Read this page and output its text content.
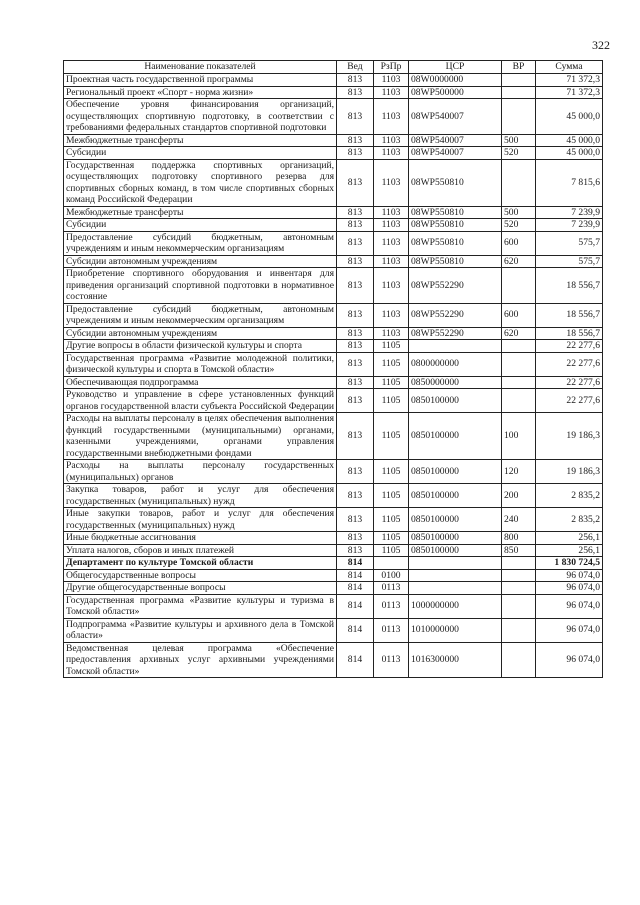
322
Наименование показателей	Вед	РзПр	ЦСР	ВР	Сумма
Проектная часть государственной программы	813	1103	08W0000000		71 372,3
Региональный проект «Спорт - норма жизни»	813	1103	08WP500000		71 372,3
Обеспечение уровня финансирования организаций, осуществляющих спортивную подготовку, в соответствии с требованиями федеральных стандартов спортивной подготовки	813	1103	08WP540007		45 000,0
Межбюджетные трансферты	813	1103	08WP540007	500	45 000,0
Субсидии	813	1103	08WP540007	520	45 000,0
Государственная поддержка спортивных организаций, осуществляющих подготовку спортивного резерва для спортивных сборных команд, в том числе спортивных сборных команд Российской Федерации	813	1103	08WP550810		7 815,6
Межбюджетные трансферты	813	1103	08WP550810	500	7 239,9
Субсидии	813	1103	08WP550810	520	7 239,9
Предоставление субсидий бюджетным, автономным учреждениям и иным некоммерческим организациям	813	1103	08WP550810	600	575,7
Субсидии автономным учреждениям	813	1103	08WP550810	620	575,7
Приобретение спортивного оборудования и инвентаря для приведения организаций спортивной подготовки в нормативное состояние	813	1103	08WP552290		18 556,7
Предоставление субсидий бюджетным, автономным учреждениям и иным некоммерческим организациям	813	1103	08WP552290	600	18 556,7
Субсидии автономным учреждениям	813	1103	08WP552290	620	18 556,7
Другие вопросы в области физической культуры и спорта	813	1105			22 277,6
Государственная программа «Развитие молодежной политики, физической культуры и спорта в Томской области»	813	1105	0800000000		22 277,6
Обеспечивающая подпрограмма	813	1105	0850000000		22 277,6
Руководство и управление в сфере установленных функций органов государственной власти субъекта Российской Федерации	813	1105	0850100000		22 277,6
Расходы на выплаты персоналу в целях обеспечения выполнения функций государственными (муниципальными) органами, казенными учреждениями, органами управления государственными внебюджетными фондами	813	1105	0850100000	100	19 186,3
Расходы на выплаты персоналу государственных (муниципальных) органов	813	1105	0850100000	120	19 186,3
Закупка товаров, работ и услуг для обеспечения государственных (муниципальных) нужд	813	1105	0850100000	200	2 835,2
Иные закупки товаров, работ и услуг для обеспечения государственных (муниципальных) нужд	813	1105	0850100000	240	2 835,2
Иные бюджетные ассигнования	813	1105	0850100000	800	256,1
Уплата налогов, сборов и иных платежей	813	1105	0850100000	850	256,1
Департамент по культуре Томской области	814				1 830 724,5
Общегосударственные вопросы	814	0100			96 074,0
Другие общегосударственные вопросы	814	0113			96 074,0
Государственная программа «Развитие культуры и туризма в Томской области»	814	0113	1000000000		96 074,0
Подпрограмма «Развитие культуры и архивного дела в Томской области»	814	0113	1010000000		96 074,0
Ведомственная целевая программа «Обеспечение предоставления архивных услуг архивными учреждениями Томской области»	814	0113	1016300000		96 074,0
